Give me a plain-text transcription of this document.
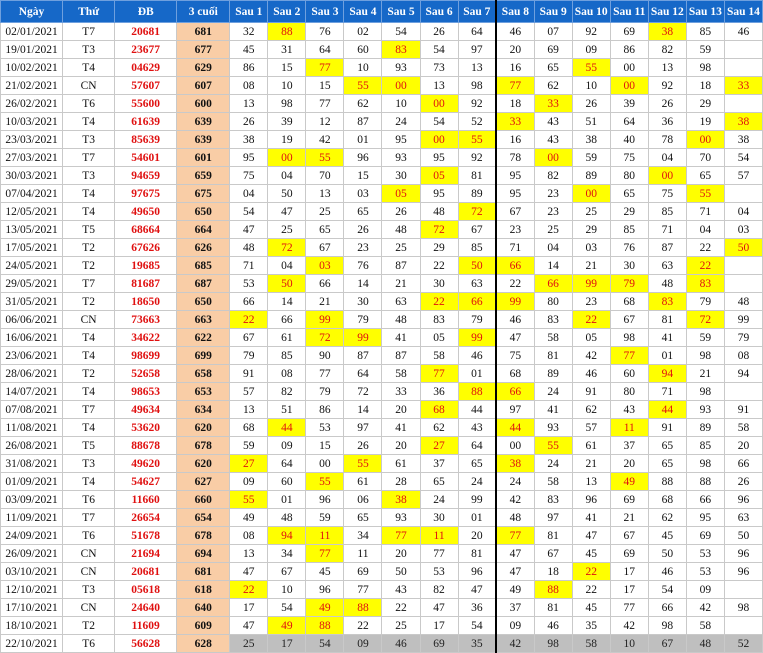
Ngày	Thứ	ĐB	3 cuối	Sau 1	Sau 2	Sau 3	Sau 4	Sau 5	Sau 6	Sau 7	Sau 8	Sau 9	Sau 10	Sau 11	Sau 12	Sau 13	Sau 14
02/01/2021	T7	20681	681	32	88	76	02	54	26	64	46	07	92	69	38	85	46
19/01/2021	T3	23677	677	45	31	64	60	83	54	97	20	69	09	86	82	59	
10/02/2021	T4	04629	629	86	15	77	10	93	73	13	16	65	55	00	13	98	
21/02/2021	CN	57607	607	08	10	15	55	00	13	98	77	62	10	00	92	18	33
26/02/2021	T6	55600	600	13	98	77	62	10	00	92	18	33	26	39	26	29	
10/03/2021	T4	61639	639	26	39	12	87	24	54	52	33	43	51	64	36	19	38
23/03/2021	T3	85639	639	38	19	42	01	95	00	55	16	43	38	40	78	00	38
27/03/2021	T7	54601	601	95	00	55	96	93	95	92	78	00	59	75	04	70	54
30/03/2021	T3	94659	659	75	04	70	15	30	05	81	95	82	89	80	00	65	57
07/04/2021	T4	97675	675	04	50	13	03	05	95	89	95	23	00	65	75	55	
12/05/2021	T4	49650	650	54	47	25	65	26	48	72	67	23	25	29	85	71	04
13/05/2021	T5	68664	664	47	25	65	26	48	72	67	23	25	29	85	71	04	03
17/05/2021	T2	67626	626	48	72	67	23	25	29	85	71	04	03	76	87	22	50
24/05/2021	T2	19685	685	71	04	03	76	87	22	50	66	14	21	30	63	22	
29/05/2021	T7	81687	687	53	50	66	14	21	30	63	22	66	99	79	48	83	
31/05/2021	T2	18650	650	66	14	21	30	63	22	66	99	80	23	68	83	79	48
06/06/2021	CN	73663	663	22	66	99	79	48	83	79	46	83	22	67	81	72	99
16/06/2021	T4	34622	622	67	61	72	99	41	05	99	47	58	05	98	41	59	79
23/06/2021	T4	98699	699	79	85	90	87	87	58	46	75	81	42	77	01	98	08
28/06/2021	T2	52658	658	91	08	77	64	58	77	01	68	89	46	60	94	21	94
14/07/2021	T4	98653	653	57	82	79	72	33	36	88	66	24	91	80	71	98	
07/08/2021	T7	49634	634	13	51	86	14	20	68	44	97	41	62	43	44	93	91
11/08/2021	T4	53620	620	68	44	53	97	41	62	43	44	93	57	11	91	89	58
26/08/2021	T5	88678	678	59	09	15	26	20	27	64	00	55	61	37	65	85	20
31/08/2021	T3	49620	620	27	64	00	55	61	37	65	38	24	21	20	65	98	66
01/09/2021	T4	54627	627	09	60	55	61	28	65	24	24	58	13	49	88	88	26
03/09/2021	T6	11660	660	55	01	96	06	38	24	99	42	83	96	69	68	66	96
11/09/2021	T7	26654	654	49	48	59	65	93	30	01	48	97	41	21	62	95	63
24/09/2021	T6	51678	678	08	94	11	34	77	11	20	77	81	47	67	45	69	50
26/09/2021	CN	21694	694	13	34	77	11	20	77	81	47	67	45	69	50	53	96
03/10/2021	CN	20681	681	47	67	45	69	50	53	96	47	18	22	17	46	53	96
12/10/2021	T3	05618	618	22	10	96	77	43	82	47	49	88	22	17	54	09	
17/10/2021	CN	24640	640	17	54	49	88	22	47	36	37	81	45	77	66	42	98
18/10/2021	T2	11609	609	47	49	88	22	25	17	54	09	46	35	42	98	58	
22/10/2021	T6	56628	628	25	17	54	09	46	69	35	42	98	58	10	67	48	52
